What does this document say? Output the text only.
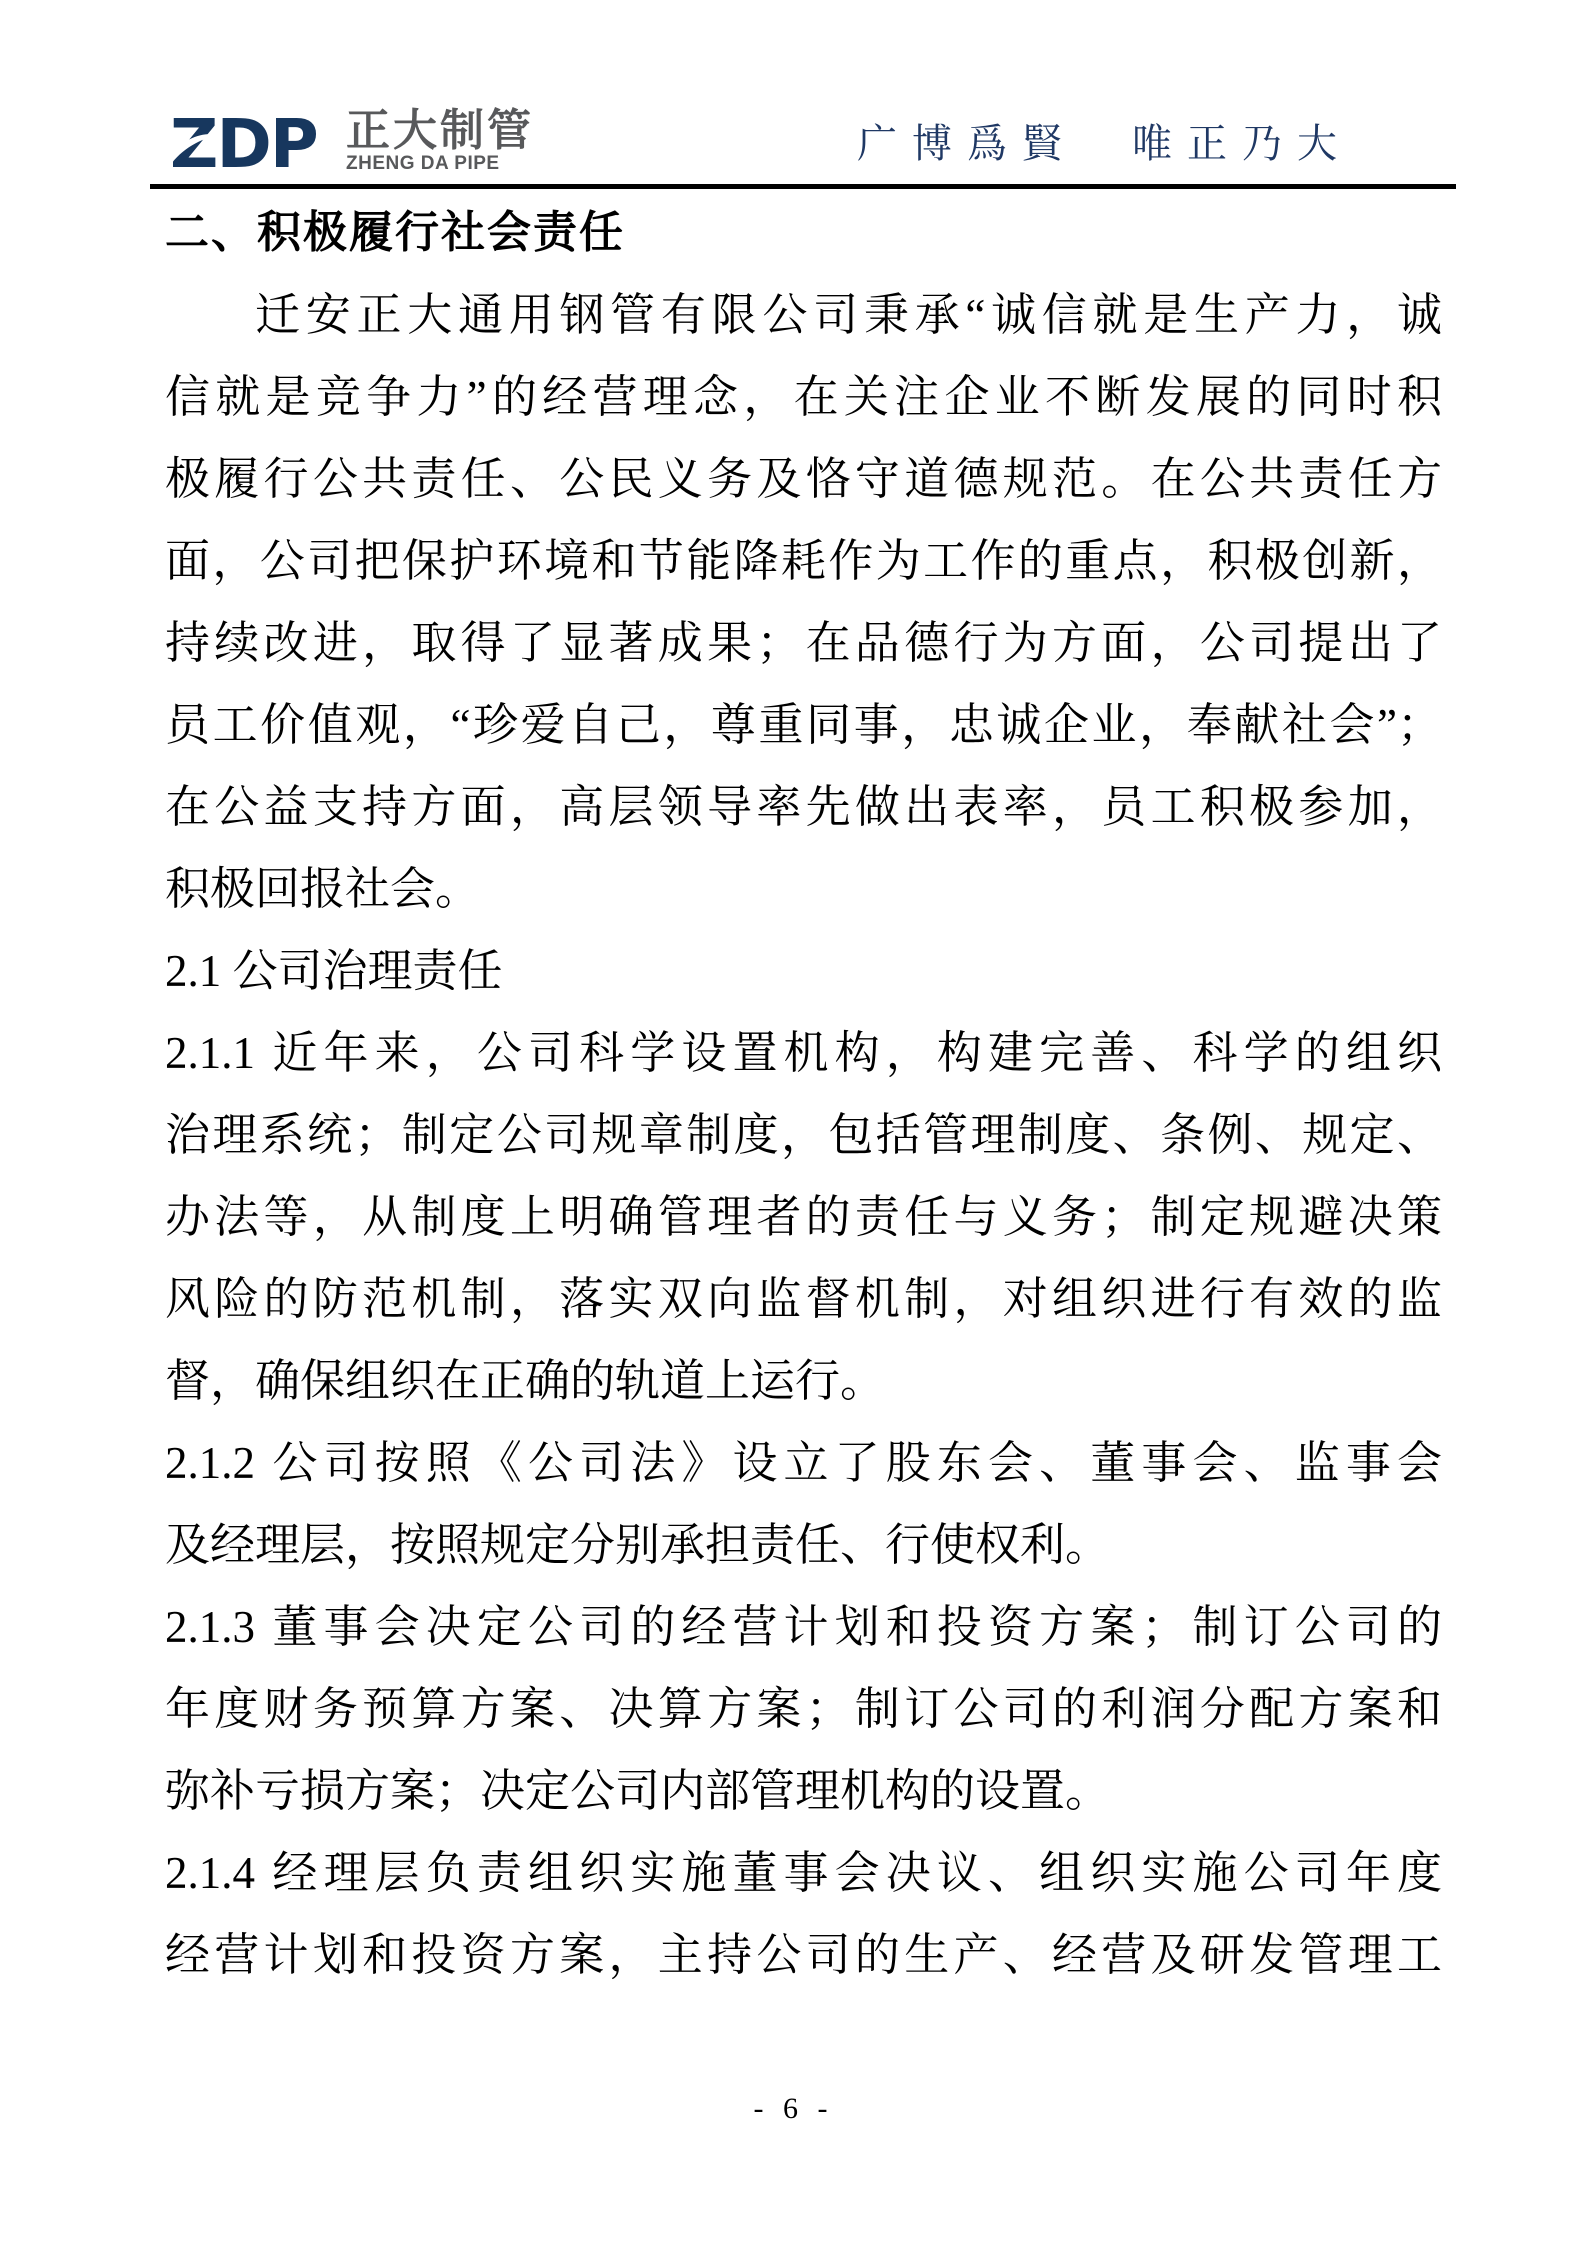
ZDP 正大制管
ZHENG DA PIPE	广博爲賢　唯正乃大
二、积极履行社会责任
迁安正大通用钢管有限公司秉承“诚信就是生产力，诚
信就是竞争力”的经营理念，在关注企业不断发展的同时积
极履行公共责任、公民义务及恪守道德规范。在公共责任方
面，公司把保护环境和节能降耗作为工作的重点，积极创新，
持续改进，取得了显著成果；在品德行为方面，公司提出了
员工价值观，“珍爱自己，尊重同事，忠诚企业，奉献社会”；
在公益支持方面，高层领导率先做出表率，员工积极参加，
积极回报社会。
2.1 公司治理责任
2.1.1 近年来，公司科学设置机构，构建完善、科学的组织
治理系统；制定公司规章制度，包括管理制度、条例、规定、
办法等，从制度上明确管理者的责任与义务；制定规避决策
风险的防范机制，落实双向监督机制，对组织进行有效的监
督，确保组织在正确的轨道上运行。
2.1.2 公司按照《公司法》设立了股东会、董事会、监事会
及经理层，按照规定分别承担责任、行使权利。
2.1.3 董事会决定公司的经营计划和投资方案；制订公司的
年度财务预算方案、决算方案；制订公司的利润分配方案和
弥补亏损方案；决定公司内部管理机构的设置。
2.1.4 经理层负责组织实施董事会决议、组织实施公司年度
经营计划和投资方案，主持公司的生产、经营及研发管理工
- 6 -
